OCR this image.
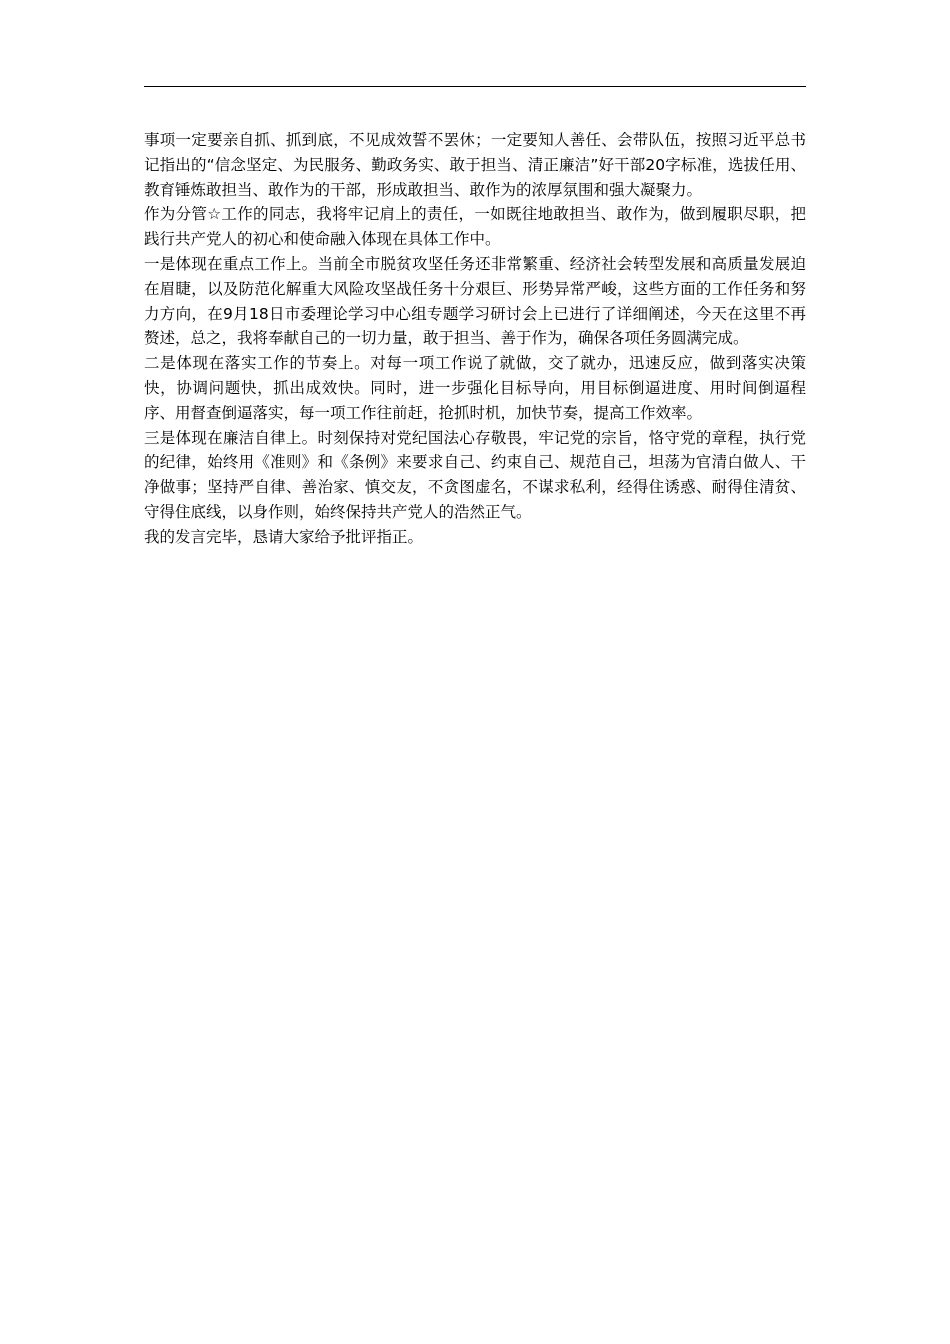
事项一定要亲自抓、抓到底，不见成效誓不罢休；一定要知人善任、会带队伍，按照习近平总书记指出的“信念坚定、为民服务、勤政务实、敢于担当、清正廉洁”好干部20字标准，选拔任用、教育锤炼敢担当、敢作为的干部，形成敢担当、敢作为的浓厚氛围和强大凝聚力。

作为分管☆工作的同志，我将牢记肩上的责任，一如既往地敢担当、敢作为，做到履职尽职，把践行共产党人的初心和使命融入体现在具体工作中。

一是体现在重点工作上。当前全市脱贫攻坚任务还非常繁重、经济社会转型发展和高质量发展迫在眉睫，以及防范化解重大风险攻坚战任务十分艰巨、形势异常严峻，这些方面的工作任务和努力方向，在9月18日市委理论学习中心组专题学习研讨会上已进行了详细阐述，今天在这里不再赘述，总之，我将奉献自己的一切力量，敢于担当、善于作为，确保各项任务圆满完成。

二是体现在落实工作的节奏上。对每一项工作说了就做，交了就办，迅速反应，做到落实决策快，协调问题快，抓出成效快。同时，进一步强化目标导向，用目标倒逼进度、用时间倒逼程序、用督查倒逼落实，每一项工作往前赶，抢抓时机，加快节奏，提高工作效率。

三是体现在廉洁自律上。时刻保持对党纪国法心存敬畏，牢记党的宗旨，恪守党的章程，执行党的纪律，始终用《准则》和《条例》来要求自己、约束自己、规范自己，坦荡为官清白做人、干净做事；坚持严自律、善治家、慎交友，不贪图虚名，不谋求私利，经得住诱惑、耐得住清贫、守得住底线，以身作则，始终保持共产党人的浩然正气。

我的发言完毕，恳请大家给予批评指正。
